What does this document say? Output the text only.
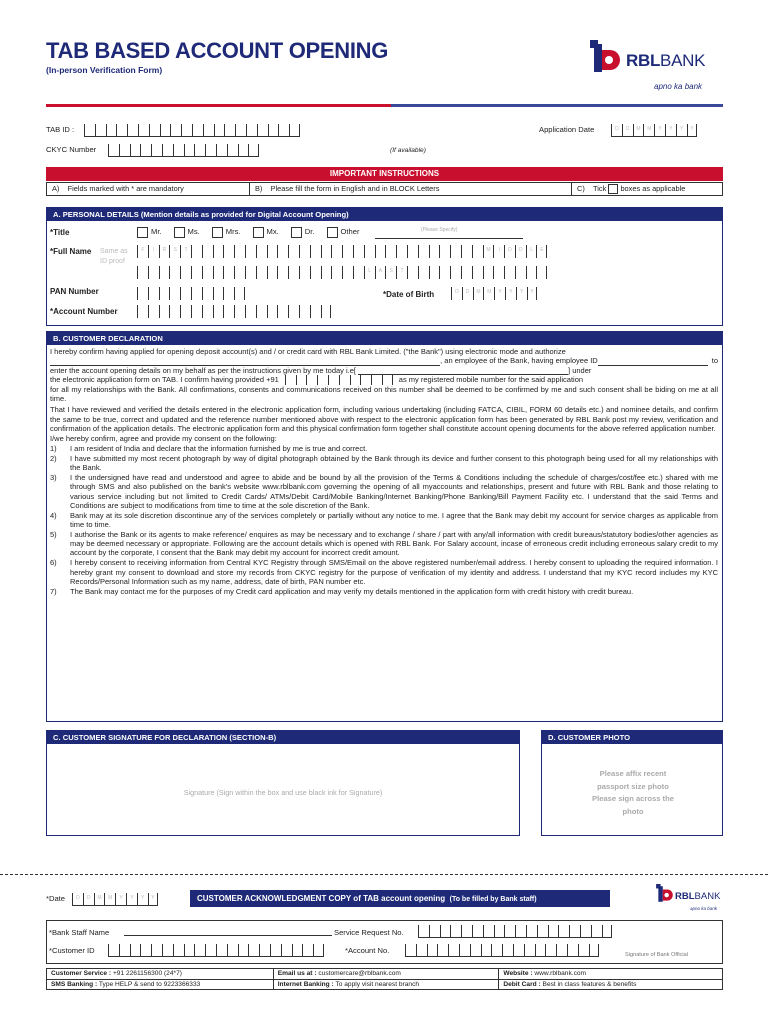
TAB BASED ACCOUNT OPENING
(In-person Verification Form)	RBLBANK
apno ka bank
TAB ID :
CKYC Number	(If available)
Application Date	D	D	M	M	Y	Y	Y	Y
IMPORTANT INSTRUCTIONS
A) Fields marked with * are mandatory	B) Please fill the form in English and in BLOCK Letters	C) Tick boxes as applicable
A. PERSONAL DETAILS (Mention details as provided for Digital Account Opening)
*Title	Mr.	Ms.	Mrs.	Mx.	Dr.	Other	(Please Specify)
*Full Name Same as ID proof
F	I	R	S	T	M	I	D	D	L	E
L	A	S	T
PAN Number	*Date of Birth	D	D	M	M	Y	Y	Y	Y
*Account Number
B. CUSTOMER DECLARATION
I hereby confirm having applied for opening deposit account(s) and / or credit card with RBL Bank Limited. ("the Bank") using electronic mode and authorize
, an employee of the Bank, having employee ID	to
enter the account opening details on my behalf as per the instructions given by me today i.e[	] under
the electronic application form on TAB. I confirm having provided +91	as my registered mobile number for the said application
for all my relationships with the Bank. All confirmations, consents and communications received on this number shall be deemed to be confirmed by me and such consent shall be biding on me at all time.
That I have reviewed and verified the details entered in the electronic application form, including various undertaking (including FATCA, CIBIL, FORM 60 details etc.) and nominee details, and confirm the same to be true, correct and updated and the reference number mentioned above with respect to the electronic application form has been generated by RBL Bank post my review, verification and confirmation of the application details. The electronic application form and this physical confirmation form together shall constitute account opening documents for the above referred application number.
I/we hereby confirm, agree and provide my consent on the following:
1)	I am resident of India and declare that the information furnished by me is true and correct.
2)	I have submitted my most recent photograph by way of digital photograph obtained by the Bank through its device and further consent to this photograph being used for all my relationships with the Bank.
3)	I the undersigned have read and understood and agree to abide and be bound by all the provision of the Terms & Conditions including the schedule of charges/cost/fee etc.) shared with me through SMS and also published on the bank's website www.rblbank.com governing the opening of all myaccounts and relationships, present and future with RBL Bank and those relating to various service including but not limited to Credit Cards/ ATMs/Debit Card/Mobile Banking/Internet Banking/Phone Banking/Bill Payment Facility etc. I understand that the said Terms and Conditions are subject to modifications from time to time at the sole discretion of the Bank.
4)	Bank may at its sole discretion discontinue any of the services completely or partially without any notice to me. I agree that the Bank may debit my account for service charges as applicable from time to time.
5)	I authorise the Bank or its agents to make reference/ enquires as may be necessary and to exchange / share / part with any/all information with credit bureaus/statutory bodies/other agencies as may be deemed necessary or appropriate. Following are the account details which is opened with RBL Bank. For Salary account, incase of erroneous credit including erroneous salary credit to my account by the corporate, I consent that the Bank may debit my account for incorrect credit amount.
6)	I hereby consent to receiving information from Central KYC Registry through SMS/Email on the above registered number/email address. I hereby consent to uploading the required information. I hereby grant my consent to download and store my records from CKYC registry for the purpose of verification of my identity and address. I understand that my KYC record includes my KYC Records/Personal Information such as my name, address, date of birth, PAN number etc.
7)	The Bank may contact me for the purposes of my Credit card application and may verify my details mentioned in the application form with credit history with credit bureau.
C. CUSTOMER SIGNATURE FOR DECLARATION (SECTION-B)
Signature (Sign within the box and use black ink for Signature)
D. CUSTOMER PHOTO
Please affix recent passport size photo Please sign across the photo
*Date	D	D	M	M	Y	Y	Y	Y	CUSTOMER ACKNOWLEDGMENT COPY of TAB account opening (To be filled by Bank staff)	RBLBANK
apno ka bank
*Bank Staff Name	Service Request No.
*Customer ID	*Account No.	Signature of Bank Official
Customer Service : +91 2261156300 (24*7)	Email us at : customercare@rblbank.com	Website : www.rblbank.com
SMS Banking : Type HELP & send to 9223366333	Internet Banking : To apply visit nearest branch	Debit Card : Best in class features & benefits
